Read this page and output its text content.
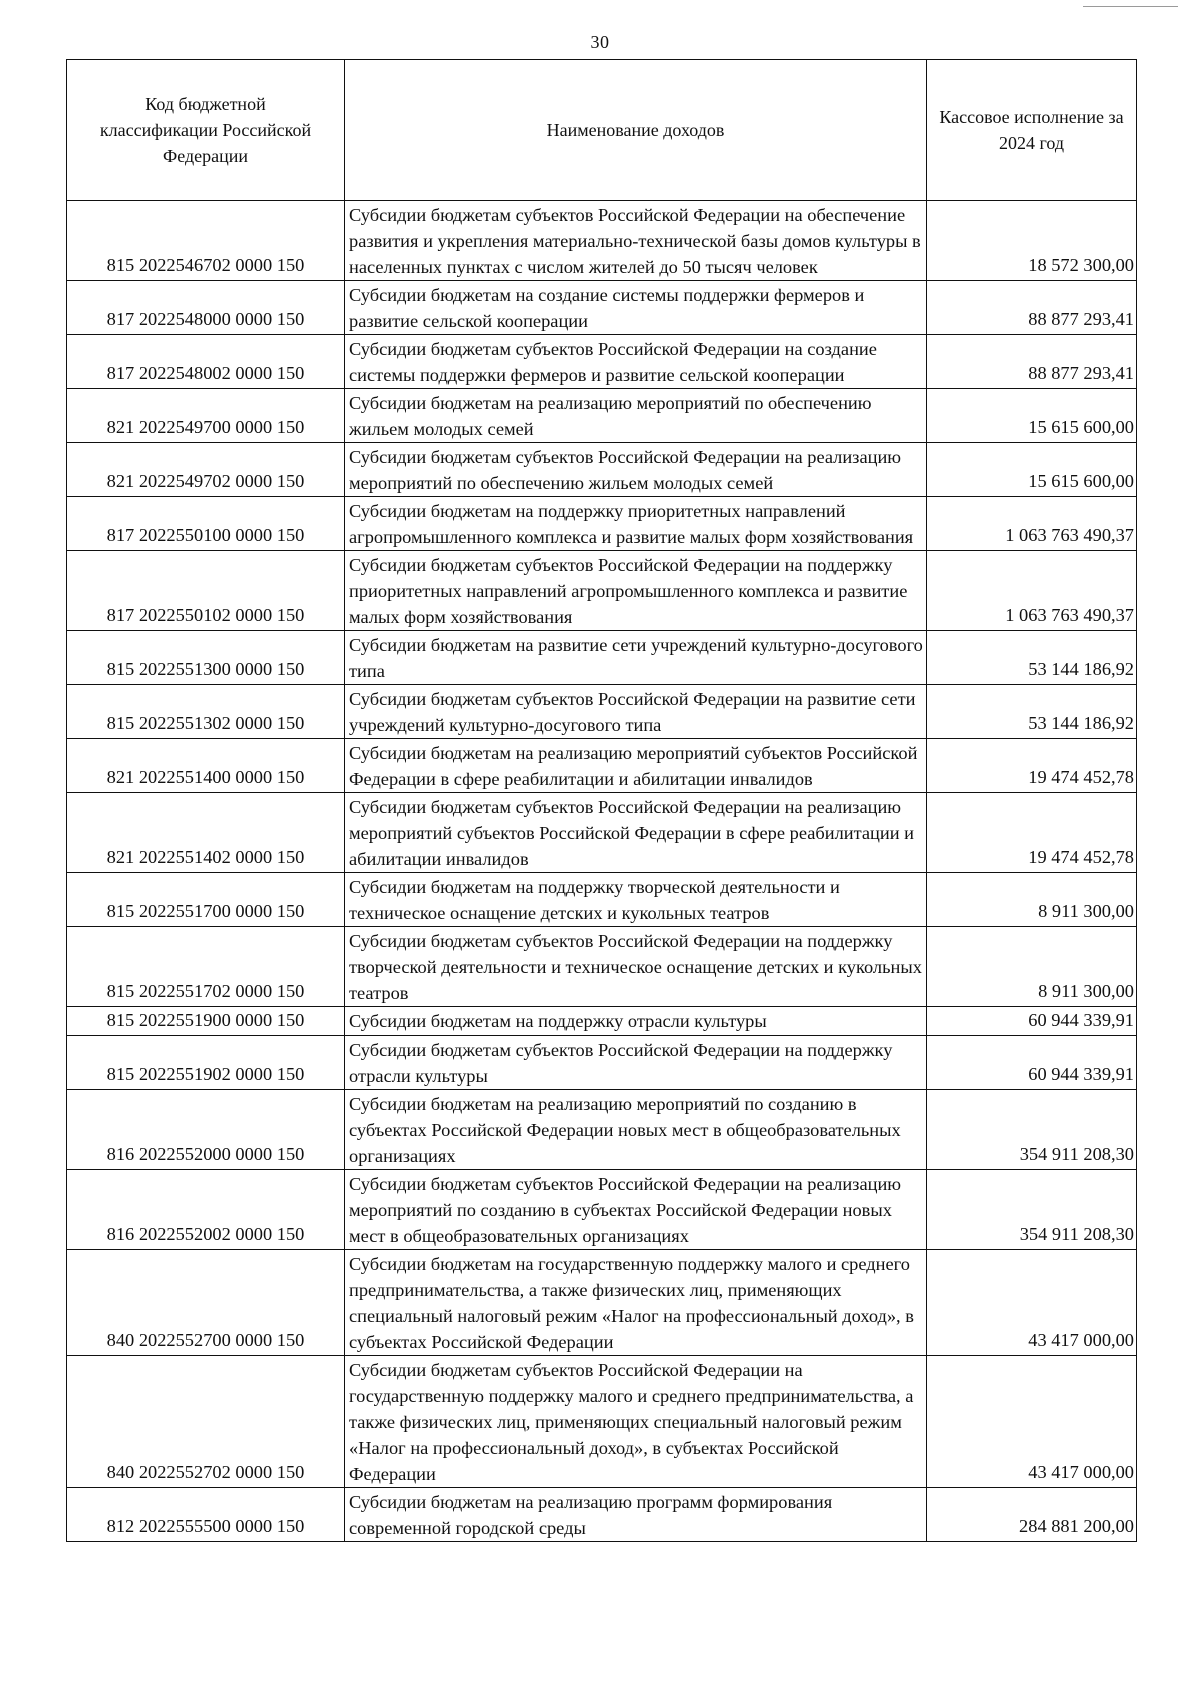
30
Код бюджетной классификации Российской Федерации	Наименование доходов	Кассовое исполнение за 2024 год
815 2022546702 0000 150	Субсидии бюджетам субъектов Российской Федерации на обеспечение развития и укрепления материально-технической базы домов культуры в населенных пунктах с числом жителей до 50 тысяч человек	18 572 300,00
817 2022548000 0000 150	Субсидии бюджетам на создание системы поддержки фермеров и развитие сельской кооперации	88 877 293,41
817 2022548002 0000 150	Субсидии бюджетам субъектов Российской Федерации на создание системы поддержки фермеров и развитие сельской кооперации	88 877 293,41
821 2022549700 0000 150	Субсидии бюджетам на реализацию мероприятий по обеспечению жильем молодых семей	15 615 600,00
821 2022549702 0000 150	Субсидии бюджетам субъектов Российской Федерации на реализацию мероприятий по обеспечению жильем молодых семей	15 615 600,00
817 2022550100 0000 150	Субсидии бюджетам на поддержку приоритетных направлений агропромышленного комплекса и развитие малых форм хозяйствования	1 063 763 490,37
817 2022550102 0000 150	Субсидии бюджетам субъектов Российской Федерации на поддержку приоритетных направлений агропромышленного комплекса и развитие малых форм хозяйствования	1 063 763 490,37
815 2022551300 0000 150	Субсидии бюджетам на развитие сети учреждений культурно-досугового типа	53 144 186,92
815 2022551302 0000 150	Субсидии бюджетам субъектов Российской Федерации на развитие сети учреждений культурно-досугового типа	53 144 186,92
821 2022551400 0000 150	Субсидии бюджетам на реализацию мероприятий субъектов Российской Федерации в сфере реабилитации и абилитации инвалидов	19 474 452,78
821 2022551402 0000 150	Субсидии бюджетам субъектов Российской Федерации на реализацию мероприятий субъектов Российской Федерации в сфере реабилитации и абилитации инвалидов	19 474 452,78
815 2022551700 0000 150	Субсидии бюджетам на поддержку творческой деятельности и техническое оснащение детских и кукольных театров	8 911 300,00
815 2022551702 0000 150	Субсидии бюджетам субъектов Российской Федерации на поддержку творческой деятельности и техническое оснащение детских и кукольных театров	8 911 300,00
815 2022551900 0000 150	Субсидии бюджетам на поддержку отрасли культуры	60 944 339,91
815 2022551902 0000 150	Субсидии бюджетам субъектов Российской Федерации на поддержку отрасли культуры	60 944 339,91
816 2022552000 0000 150	Субсидии бюджетам на реализацию мероприятий по созданию в субъектах Российской Федерации новых мест в общеобразовательных организациях	354 911 208,30
816 2022552002 0000 150	Субсидии бюджетам субъектов Российской Федерации на реализацию мероприятий по созданию в субъектах Российской Федерации новых мест в общеобразовательных организациях	354 911 208,30
840 2022552700 0000 150	Субсидии бюджетам на государственную поддержку малого и среднего предпринимательства, а также физических лиц, применяющих специальный налоговый режим «Налог на профессиональный доход», в субъектах Российской Федерации	43 417 000,00
840 2022552702 0000 150	Субсидии бюджетам субъектов Российской Федерации на государственную поддержку малого и среднего предпринимательства, а также физических лиц, применяющих специальный налоговый режим «Налог на профессиональный доход», в субъектах Российской Федерации	43 417 000,00
812 2022555500 0000 150	Субсидии бюджетам на реализацию программ формирования современной городской среды	284 881 200,00
